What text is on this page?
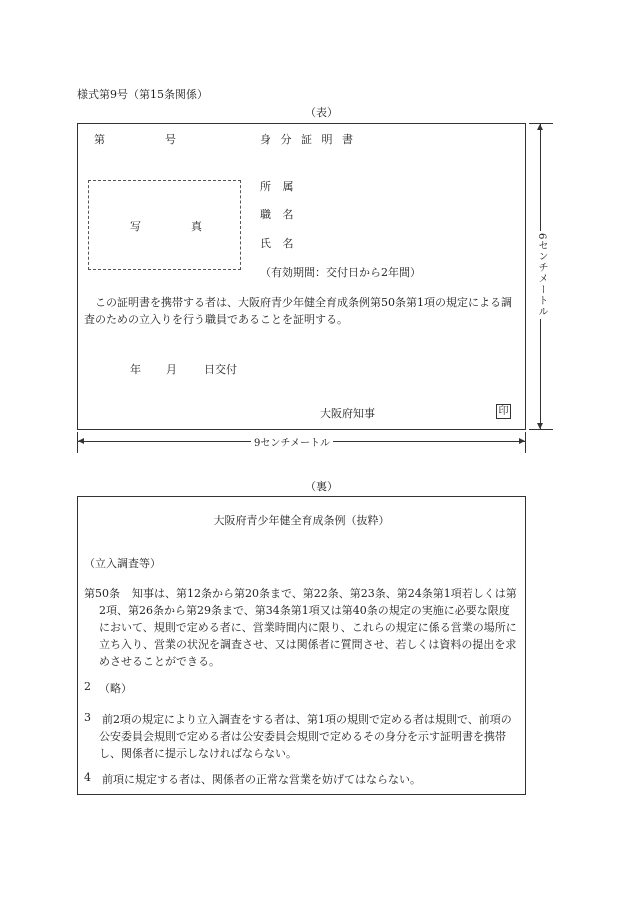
様式第9号（第15条関係）
（表）
第	号	身 分 証 明 書
写	真
所 属
職 名
氏 名
（有効期間：交付日から2年間）
この証明書を携帯する者は、大阪府青少年健全育成条例第50条第1項の規定による調査のための立入りを行う職員であることを証明する。
年 月 日交付
大阪府知事	印
6センチメートル
9センチメートル
（裏）
大阪府青少年健全育成条例（抜粋）
（立入調査等）
第50条	知事は、第12条から第20条まで、第22条、第23条、第24条第1項若しくは第2項、第26条から第29条まで、第34条第1項又は第40条の規定の実施に必要な限度において、規則で定める者に、営業時間内に限り、これらの規定に係る営業の場所に立ち入り、営業の状況を調査させ、又は関係者に質問させ、若しくは資料の提出を求めさせることができる。
2 （略）
3 前2項の規定により立入調査をする者は、第1項の規則で定める者は規則で、前項の公安委員会規則で定める者は公安委員会規則で定めるその身分を示す証明書を携帯し、関係者に提示しなければならない。
4 前項に規定する者は、関係者の正常な営業を妨げてはならない。
